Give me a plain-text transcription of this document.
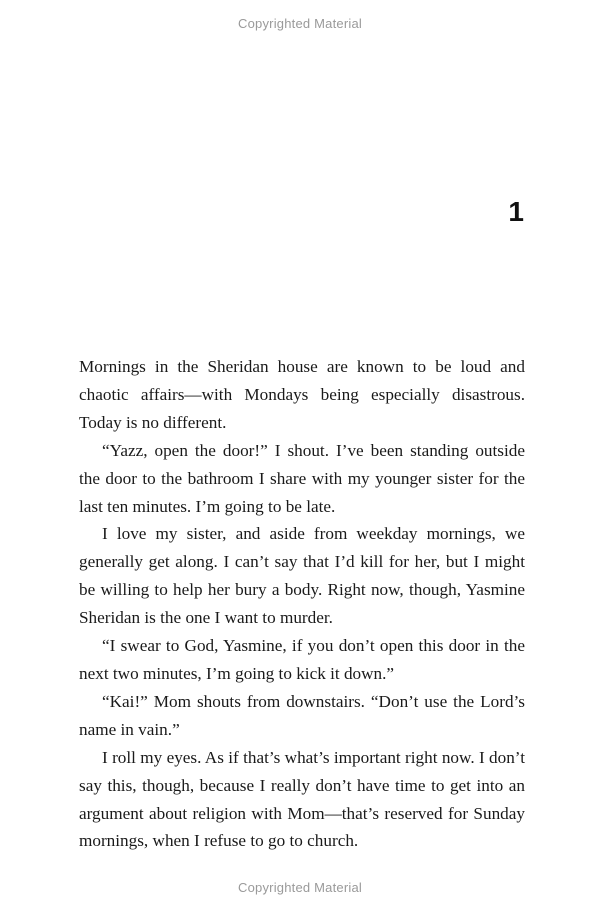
Copyrighted Material
1

Mornings in the Sheridan house are known to be loud and chaotic affairs—with Mondays being especially disastrous. Today is no different.

“Yazz, open the door!” I shout. I’ve been standing outside the door to the bathroom I share with my younger sister for the last ten minutes. I’m going to be late.

I love my sister, and aside from weekday mornings, we generally get along. I can’t say that I’d kill for her, but I might be willing to help her bury a body. Right now, though, Yasmine Sheridan is the one I want to murder.

“I swear to God, Yasmine, if you don’t open this door in the next two minutes, I’m going to kick it down.”

“Kai!” Mom shouts from downstairs. “Don’t use the Lord’s name in vain.”

I roll my eyes. As if that’s what’s important right now. I don’t say this, though, because I really don’t have time to get into an argument about religion with Mom—that’s reserved for Sunday mornings, when I refuse to go to church.

Copyrighted Material
